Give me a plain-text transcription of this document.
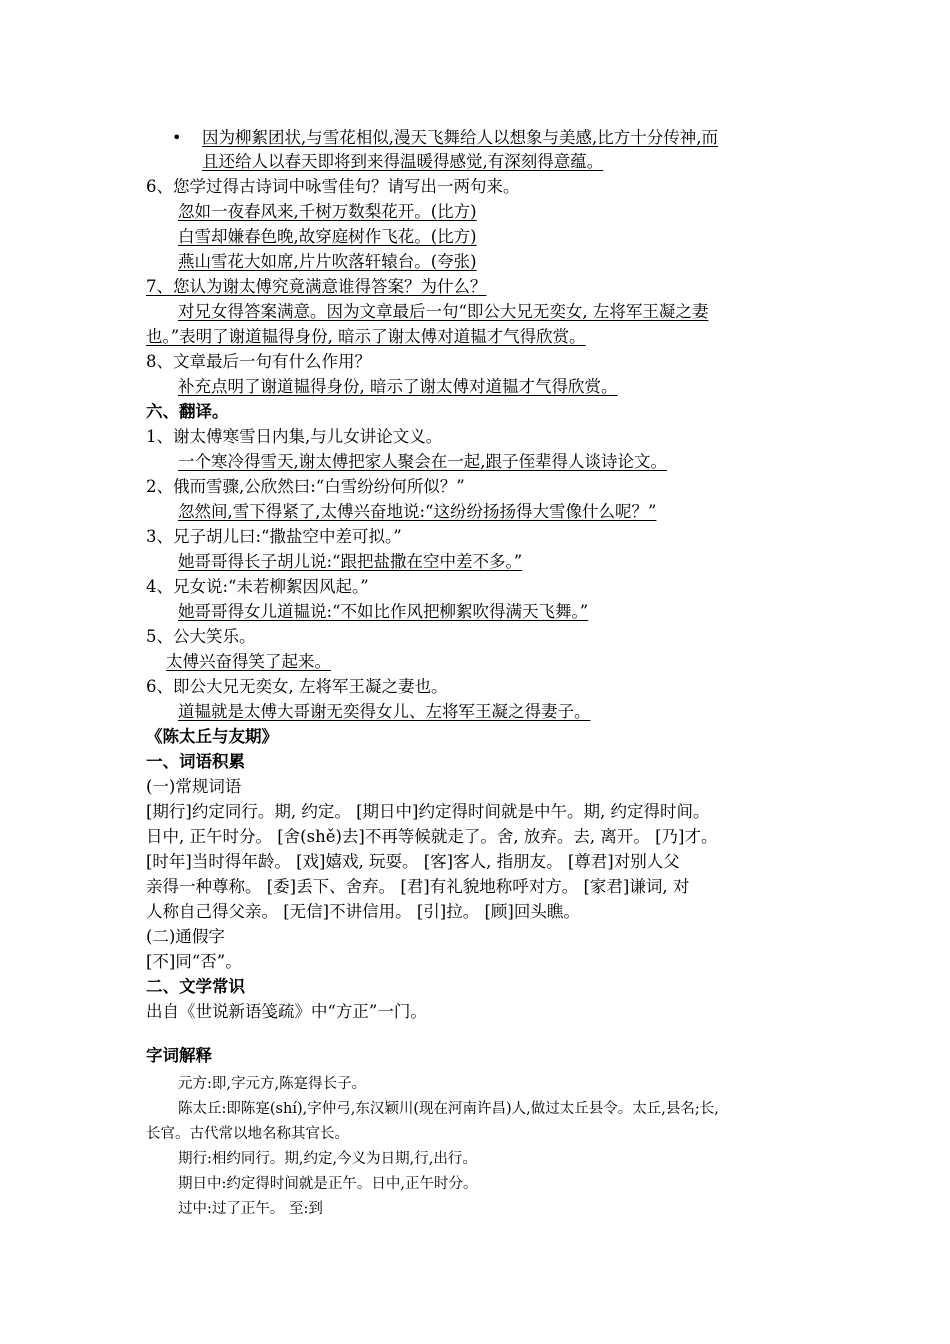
• 因为柳絮团状,与雪花相似,漫天飞舞给人以想象与美感,比方十分传神,而
且还给人以春天即将到来得温暖得感觉,有深刻得意蕴。
6、您学过得古诗词中咏雪佳句？请写出一两句来。
忽如一夜春风来,千树万数梨花开。(比方)
白雪却嫌春色晚,故穿庭树作飞花。(比方)
燕山雪花大如席,片片吹落轩辕台。(夸张)
7、您认为谢太傅究竟满意谁得答案？为什么？
对兄女得答案满意。因为文章最后一句“即公大兄无奕女, 左将军王凝之妻
也。”表明了谢道韫得身份, 暗示了谢太傅对道韫才气得欣赏。
8、文章最后一句有什么作用？
补充点明了谢道韫得身份, 暗示了谢太傅对道韫才气得欣赏。
六、翻译。
1、谢太傅寒雪日内集,与儿女讲论文义。
一个寒冷得雪天,谢太傅把家人聚会在一起,跟子侄辈得人谈诗论文。
2、俄而雪骤,公欣然曰:“白雪纷纷何所似？”
忽然间,雪下得紧了,太傅兴奋地说:“这纷纷扬扬得大雪像什么呢？”
3、兄子胡儿曰:“撒盐空中差可拟。”
她哥哥得长子胡儿说:“跟把盐撒在空中差不多。”
4、兄女说:“未若柳絮因风起。”
她哥哥得女儿道韫说:“不如比作风把柳絮吹得满天飞舞。”
5、公大笑乐。
太傅兴奋得笑了起来。
6、即公大兄无奕女, 左将军王凝之妻也。
道韫就是太傅大哥谢无奕得女儿、左将军王凝之得妻子。
《陈太丘与友期》
一、词语积累
(一)常规词语
[期行]约定同行。期, 约定。 [期日中]约定得时间就是中午。期, 约定得时间。
日中, 正午时分。 [舍(shě)去]不再等候就走了。舍, 放弃。去, 离开。 [乃]才。
[时年]当时得年龄。 [戏]嬉戏, 玩耍。 [客]客人, 指朋友。 [尊君]对别人父
亲得一种尊称。 [委]丢下、舍弃。 [君]有礼貌地称呼对方。 [家君]谦词, 对
人称自己得父亲。 [无信]不讲信用。 [引]拉。 [顾]回头瞧。
(二)通假字
[不]同“否”。
二、文学常识
出自《世说新语笺疏》中“方正”一门。
字词解释
元方:即,字元方,陈寔得长子。
陈太丘:即陈寔(shí),字仲弓,东汉颖川(现在河南许昌)人,做过太丘县令。太丘,县名;长,
长官。古代常以地名称其官长。
期行:相约同行。期,约定,今义为日期,行,出行。
期日中:约定得时间就是正午。日中,正午时分。
过中:过了正午。 至:到
